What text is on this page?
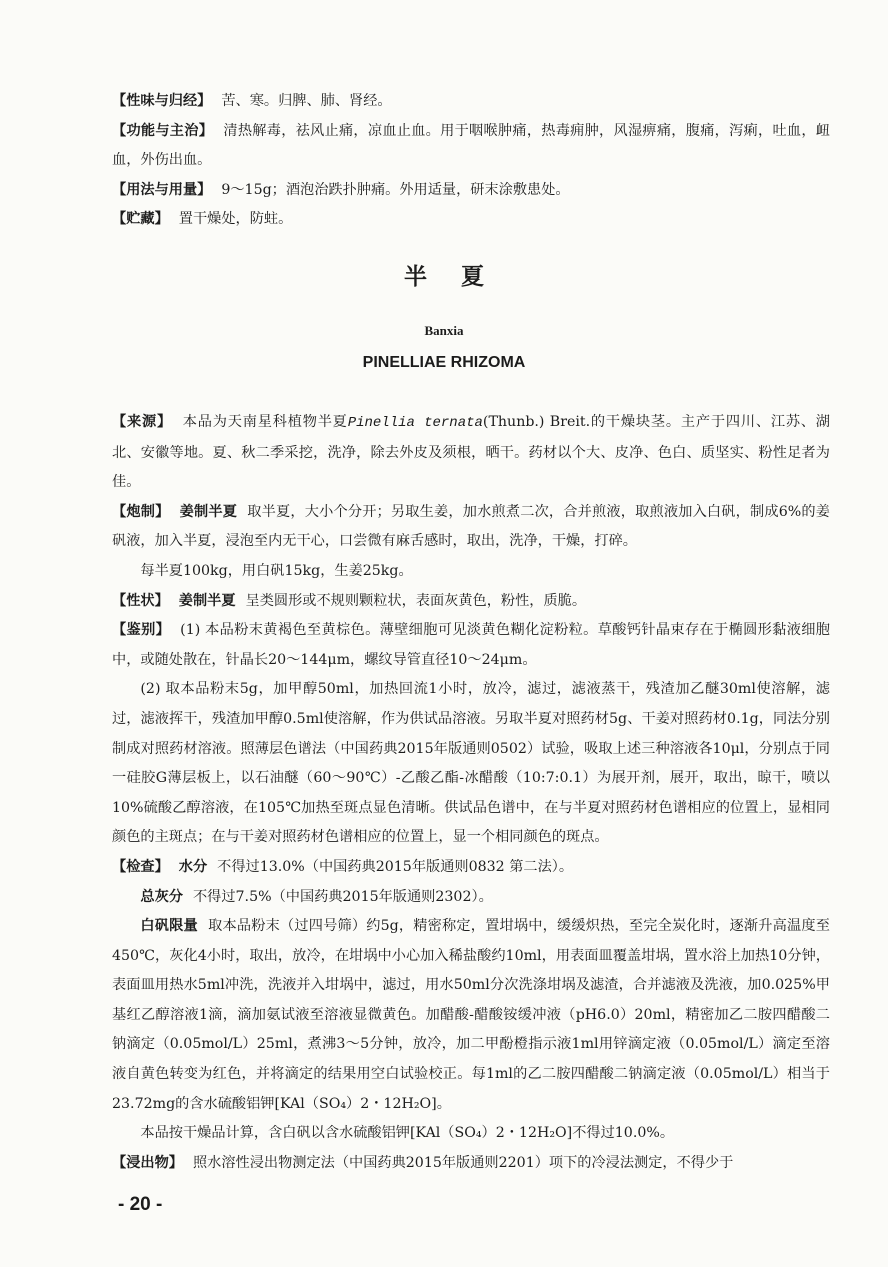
【性味与归经】 苦、寒。归脾、肺、肾经。

【功能与主治】 清热解毒，祛风止痛，凉血止血。用于咽喉肿痛，热毒痈肿，风湿痹痛，腹痛，泻痢，吐血，衄血，外伤出血。

【用法与用量】 9～15g；酒泡治跌扑肿痛。外用适量，研末涂敷患处。

【贮藏】 置干燥处，防蛀。

半夏
Banxia
PINELLIAE RHIZOMA

【来源】 本品为天南星科植物半夏Pinellia ternata(Thunb.) Breit.的干燥块茎。主产于四川、江苏、湖北、安徽等地。夏、秋二季采挖，洗净，除去外皮及须根，晒干。药材以个大、皮净、色白、质坚实、粉性足者为佳。

【炮制】 姜制半夏 取半夏，大小个分开；另取生姜，加水煎煮二次，合并煎液，取煎液加入白矾，制成6%的姜矾液，加入半夏，浸泡至内无干心，口尝微有麻舌感时，取出，洗净，干燥，打碎。

每半夏100kg，用白矾15kg，生姜25kg。

【性状】 姜制半夏 呈类圆形或不规则颗粒状，表面灰黄色，粉性，质脆。

【鉴别】 (1) 本品粉末黄褐色至黄棕色。薄壁细胞可见淡黄色糊化淀粉粒。草酸钙针晶束存在于椭圆形黏液细胞中，或随处散在，针晶长20～144μm，螺纹导管直径10～24μm。

(2) 取本品粉末5g，加甲醇50ml，加热回流1小时，放冷，滤过，滤液蒸干，残渣加乙醚30ml使溶解，滤过，滤液挥干，残渣加甲醇0.5ml使溶解，作为供试品溶液。另取半夏对照药材5g、干姜对照药材0.1g，同法分别制成对照药材溶液。照薄层色谱法（中国药典2015年版通则0502）试验，吸取上述三种溶液各10μl，分别点于同一硅胶G薄层板上，以石油醚（60～90℃）-乙酸乙酯-冰醋酸（10:7:0.1）为展开剂，展开，取出，晾干，喷以10%硫酸乙醇溶液，在105℃加热至斑点显色清晰。供试品色谱中，在与半夏对照药材色谱相应的位置上，显相同颜色的主斑点；在与干姜对照药材色谱相应的位置上，显一个相同颜色的斑点。

【检查】 水分 不得过13.0%（中国药典2015年版通则0832 第二法）。

总灰分 不得过7.5%（中国药典2015年版通则2302）。

白矾限量 取本品粉末（过四号筛）约5g，精密称定，置坩埚中，缓缓炽热，至完全炭化时，逐渐升高温度至450℃，灰化4小时，取出，放冷，在坩埚中小心加入稀盐酸约10ml，用表面皿覆盖坩埚，置水浴上加热10分钟，表面皿用热水5ml冲洗，洗液并入坩埚中，滤过，用水50ml分次洗涤坩埚及滤渣，合并滤液及洗液，加0.025%甲基红乙醇溶液1滴，滴加氨试液至溶液显微黄色。加醋酸-醋酸铵缓冲液（pH6.0）20ml，精密加乙二胺四醋酸二钠滴定（0.05mol/L）25ml，煮沸3～5分钟，放冷，加二甲酚橙指示液1ml用锌滴定液（0.05mol/L）滴定至溶液自黄色转变为红色，并将滴定的结果用空白试验校正。每1ml的乙二胺四醋酸二钠滴定液（0.05mol/L）相当于23.72mg的含水硫酸铝钾[KAl（SO₄）2・12H₂O]。

本品按干燥品计算，含白矾以含水硫酸铝钾[KAl（SO₄）2・12H₂O]不得过10.0%。

【浸出物】 照水溶性浸出物测定法（中国药典2015年版通则2201）项下的冷浸法测定，不得少于

- 20 -
